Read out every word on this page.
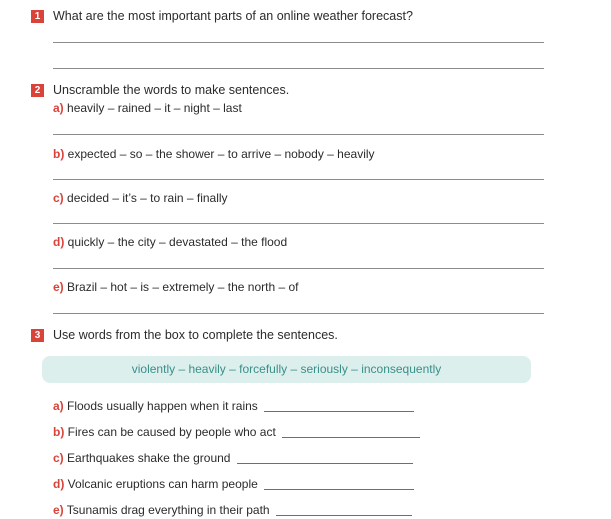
1 What are the most important parts of an online weather forecast?
2 Unscramble the words to make sentences.
a) heavily – rained – it – night – last
b) expected – so – the shower – to arrive – nobody – heavily
c) decided – it’s – to rain – finally
d) quickly – the city – devastated – the flood
e) Brazil – hot – is – extremely – the north – of
3 Use words from the box to complete the sentences.
violently – heavily – forcefully – seriously – inconsequently
a) Floods usually happen when it rains
b) Fires can be caused by people who act
c) Earthquakes shake the ground
d) Volcanic eruptions can harm people
e) Tsunamis drag everything in their path
